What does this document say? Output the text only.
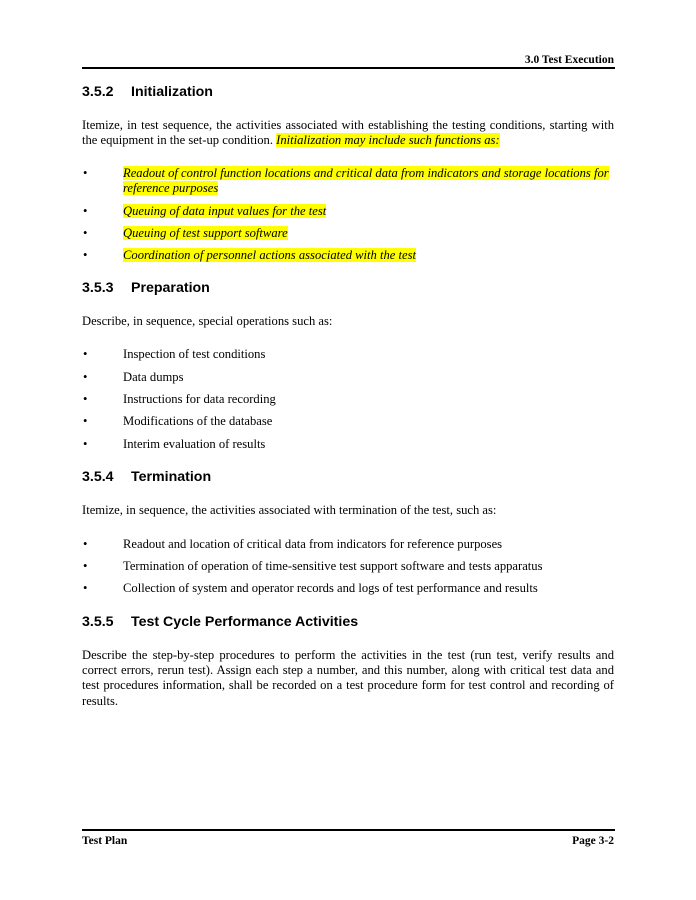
3.0 Test Execution
3.5.2 Initialization
Itemize, in test sequence, the activities associated with establishing the testing conditions, starting with the equipment in the set-up condition. Initialization may include such functions as:
•	Readout of control function locations and critical data from indicators and storage locations for reference purposes
•	Queuing of data input values for the test
•	Queuing of test support software
•	Coordination of personnel actions associated with the test
3.5.3 Preparation
Describe, in sequence, special operations such as:
•	Inspection of test conditions
•	Data dumps
•	Instructions for data recording
•	Modifications of the database
•	Interim evaluation of results
3.5.4 Termination
Itemize, in sequence, the activities associated with termination of the test, such as:
•	Readout and location of critical data from indicators for reference purposes
•	Termination of operation of time-sensitive test support software and tests apparatus
•	Collection of system and operator records and logs of test performance and results
3.5.5 Test Cycle Performance Activities
Describe the step-by-step procedures to perform the activities in the test (run test, verify results and correct errors, rerun test). Assign each step a number, and this number, along with critical test data and test procedures information, shall be recorded on a test procedure form for test control and recording of results.
Test Plan	Page 3-2
